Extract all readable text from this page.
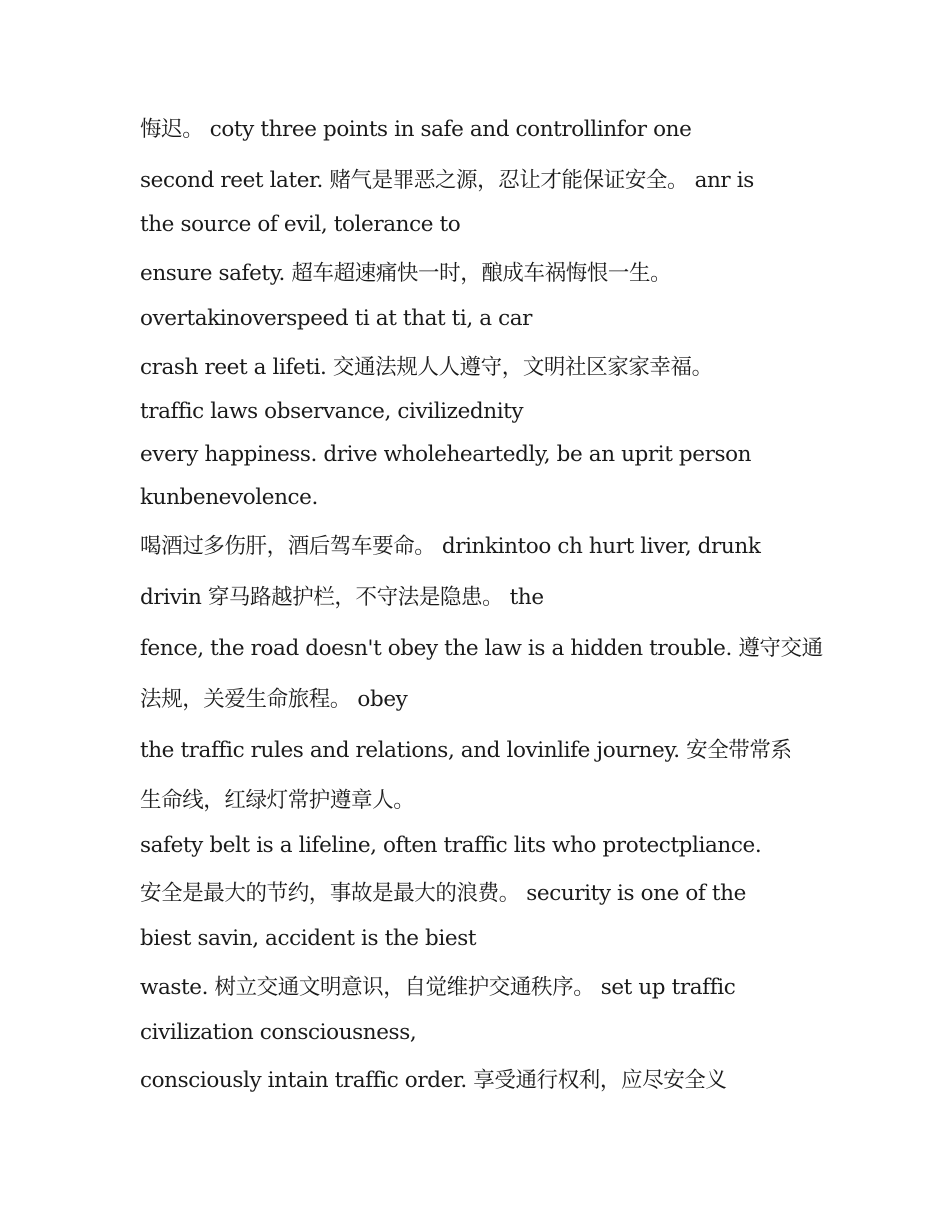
悔迟。 coty three points in safe and controllinfor one
second reet later. 赌气是罪恶之源，忍让才能保证安全。 anr is
the source of evil, tolerance to
ensure safety. 超车超速痛快一时，酿成车祸悔恨一生。
overtakinoverspeed ti at that ti, a car
crash reet a lifeti. 交通法规人人遵守，文明社区家家幸福。
traffic laws observance, civilizednity
every happiness. drive wholeheartedly, be an uprit person
kunbenevolence.
喝酒过多伤肝，酒后驾车要命。 drinkintoo ch hurt liver, drunk
drivin 穿马路越护栏，不守法是隐患。 the
fence, the road doesn't obey the law is a hidden trouble. 遵守交通
法规，关爱生命旅程。 obey
the traffic rules and relations, and lovinlife journey. 安全带常系
生命线，红绿灯常护遵章人。
safety belt is a lifeline, often traffic lits who protectpliance.
安全是最大的节约，事故是最大的浪费。 security is one of the
biest savin, accident is the biest
waste. 树立交通文明意识，自觉维护交通秩序。 set up traffic
civilization consciousness,
consciously intain traffic order. 享受通行权利，应尽安全义
